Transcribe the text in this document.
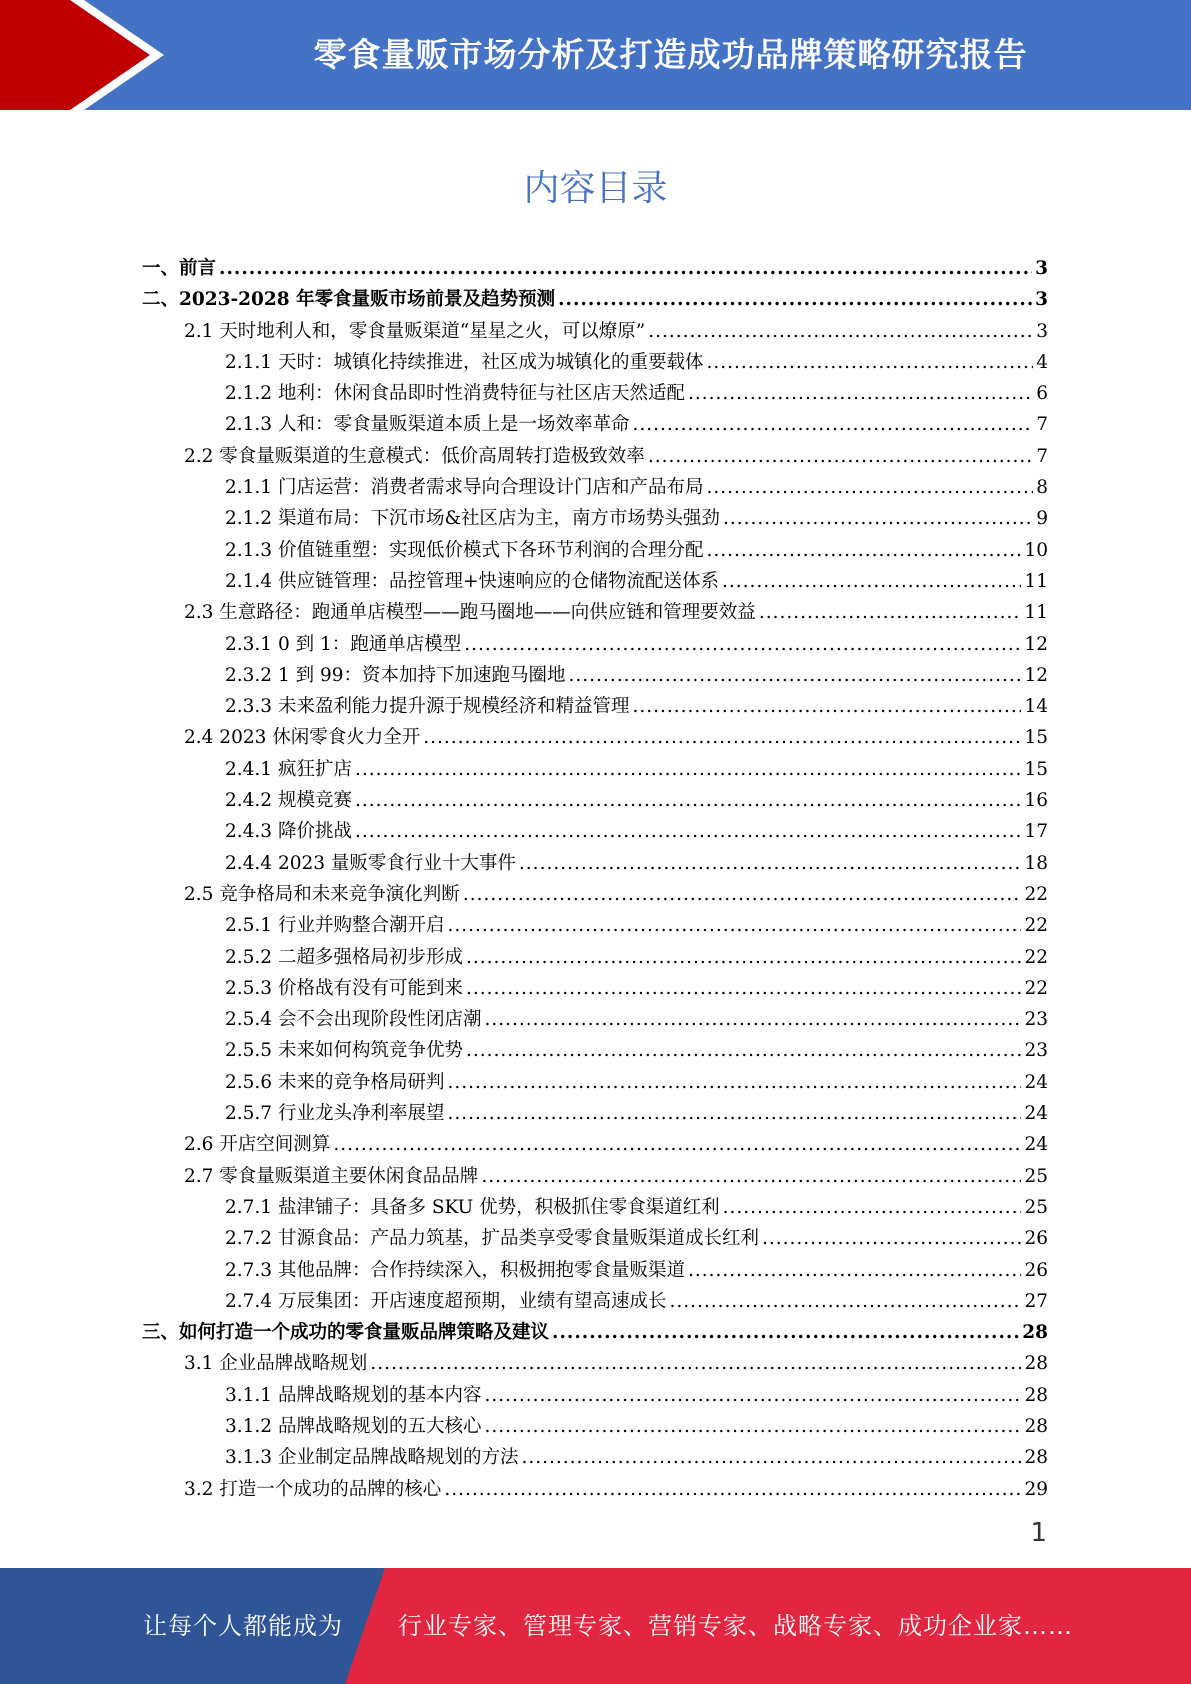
零食量贩市场分析及打造成功品牌策略研究报告
内容目录
一、前言 .....	3
二、2023-2028 年零食量贩市场前景及趋势预测 .....	3
2.1 天时地利人和，零食量贩渠道“星星之火，可以燎原” .....	3
2.1.1 天时：城镇化持续推进，社区成为城镇化的重要载体 .....	4
2.1.2 地利：休闲食品即时性消费特征与社区店天然适配 .....	6
2.1.3 人和：零食量贩渠道本质上是一场效率革命 .....	7
2.2 零食量贩渠道的生意模式：低价高周转打造极致效率 .....	7
2.1.1 门店运营：消费者需求导向合理设计门店和产品布局 .....	8
2.1.2 渠道布局：下沉市场&社区店为主，南方市场势头强劲 .....	9
2.1.3 价值链重塑：实现低价模式下各环节利润的合理分配 .....	10
2.1.4 供应链管理：品控管理+快速响应的仓储物流配送体系 .....	11
2.3 生意路径：跑通单店模型——跑马圈地——向供应链和管理要效益 .....	11
2.3.1 0 到 1：跑通单店模型 .....	12
2.3.2 1 到 99：资本加持下加速跑马圈地 .....	12
2.3.3 未来盈利能力提升源于规模经济和精益管理 .....	14
2.4 2023 休闲零食火力全开 .....	15
2.4.1 疯狂扩店 .....	15
2.4.2 规模竞赛 .....	16
2.4.3 降价挑战 .....	17
2.4.4 2023 量贩零食行业十大事件 .....	18
2.5 竞争格局和未来竞争演化判断 .....	22
2.5.1 行业并购整合潮开启 .....	22
2.5.2 二超多强格局初步形成 .....	22
2.5.3 价格战有没有可能到来 .....	22
2.5.4 会不会出现阶段性闭店潮 .....	23
2.5.5 未来如何构筑竞争优势 .....	23
2.5.6 未来的竞争格局研判 .....	24
2.5.7 行业龙头净利率展望 .....	24
2.6 开店空间测算 .....	24
2.7 零食量贩渠道主要休闲食品品牌 .....	25
2.7.1 盐津铺子：具备多 SKU 优势，积极抓住零食渠道红利 .....	25
2.7.2 甘源食品：产品力筑基，扩品类享受零食量贩渠道成长红利 .....	26
2.7.3 其他品牌：合作持续深入，积极拥抱零食量贩渠道 .....	26
2.7.4 万辰集团：开店速度超预期，业绩有望高速成长 .....	27
三、如何打造一个成功的零食量贩品牌策略及建议 .....	28
3.1 企业品牌战略规划 .....	28
3.1.1 品牌战略规划的基本内容 .....	28
3.1.2 品牌战略规划的五大核心 .....	28
3.1.3 企业制定品牌战略规划的方法 .....	28
3.2 打造一个成功的品牌的核心 .....	29
1
让每个人都能成为 行业专家、管理专家、营销专家、战略专家、成功企业家……
